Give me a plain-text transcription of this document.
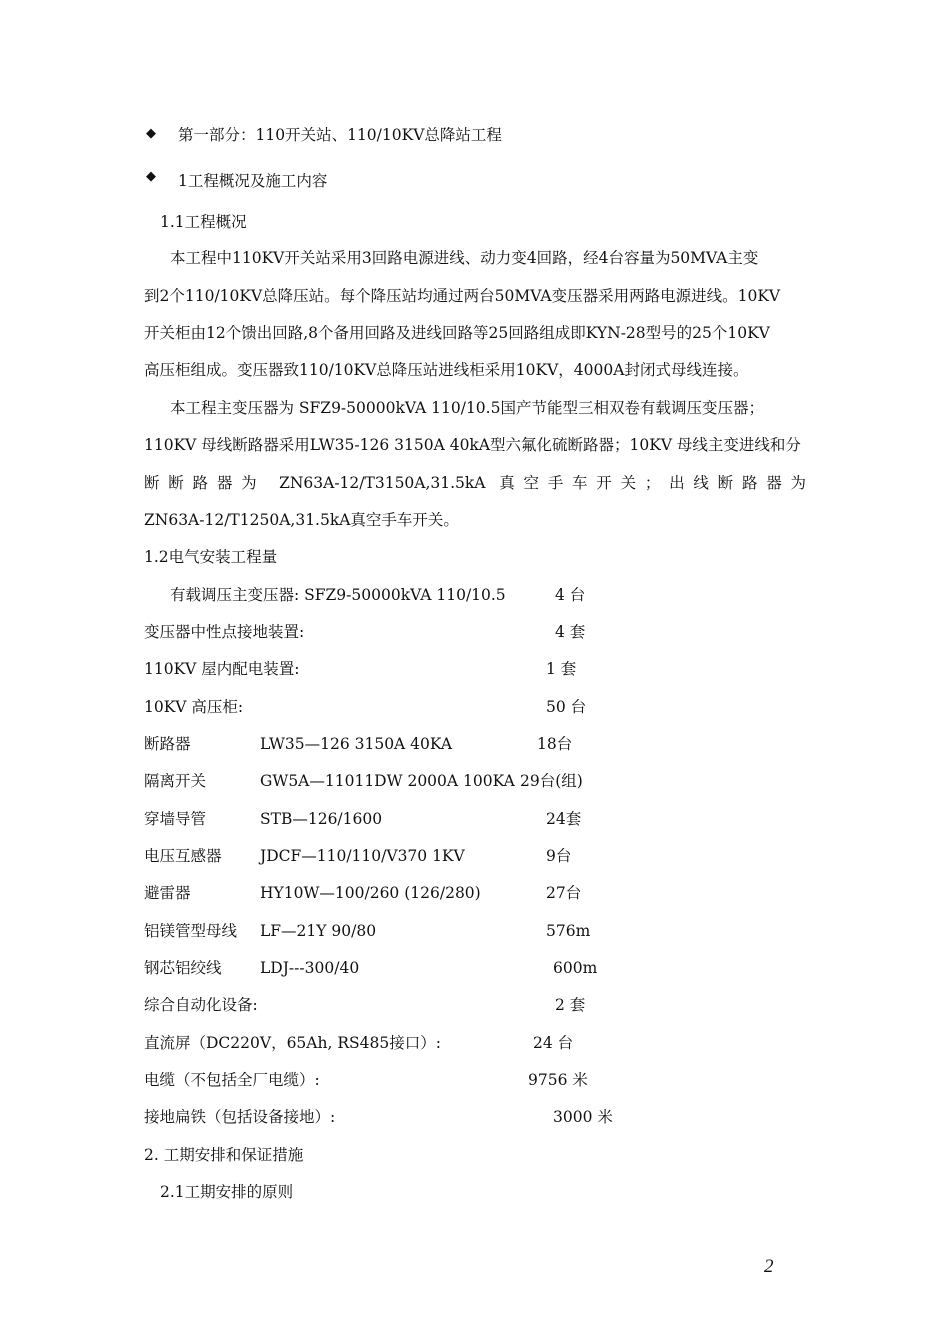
◆ 第一部分：110开关站、110/10KV总降站工程
◆ 1工程概况及施工内容
1.1工程概况
本工程中110KV开关站采用3回路电源进线、动力变4回路，经4台容量为50MVA主变
到2个110/10KV总降压站。每个降压站均通过两台50MVA变压器采用两路电源进线。10KV
开关柜由12个馈出回路,8个备用回路及进线回路等25回路组成即KYN-28型号的25个10KV
高压柜组成。变压器致110/10KV总降压站进线柜采用10KV，4000A封闭式母线连接。
本工程主变压器为 SFZ9-50000kVA 110/10.5国产节能型三相双卷有载调压变压器；
110KV 母线断路器采用LW35-126 3150A 40kA型六氟化硫断路器；10KV 母线主变进线和分
断断路器为 ZN63A-12/T3150A,31.5kA 真空手车开关；出线断路器为
ZN63A-12/T1250A,31.5kA真空手车开关。
1.2电气安装工程量
有载调压主变压器: SFZ9-50000kVA 110/10.5	4 台
变压器中性点接地装置:	4 套
110KV 屋内配电装置:	1 套
10KV 高压柜:	50 台
断路器	LW35—126 3150A 40KA	18台
隔离开关	GW5A—11011DW 2000A 100KA 29台(组)
穿墙导管	STB—126/1600	24套
电压互感器 JDCF—110/110/V370 1KV	9台
避雷器	HY10W—100/260 (126/280)	27台
铝镁管型母线 LF—21Y 90/80	576m
钢芯铝绞线 LDJ---300/40	600m
综合自动化设备:	2 套
直流屏（DC220V，65Ah, RS485接口）:	24 台
电缆（不包括全厂电缆）:	9756 米
接地扁铁（包括设备接地）:	3000 米
2. 工期安排和保证措施
2.1工期安排的原则
2
